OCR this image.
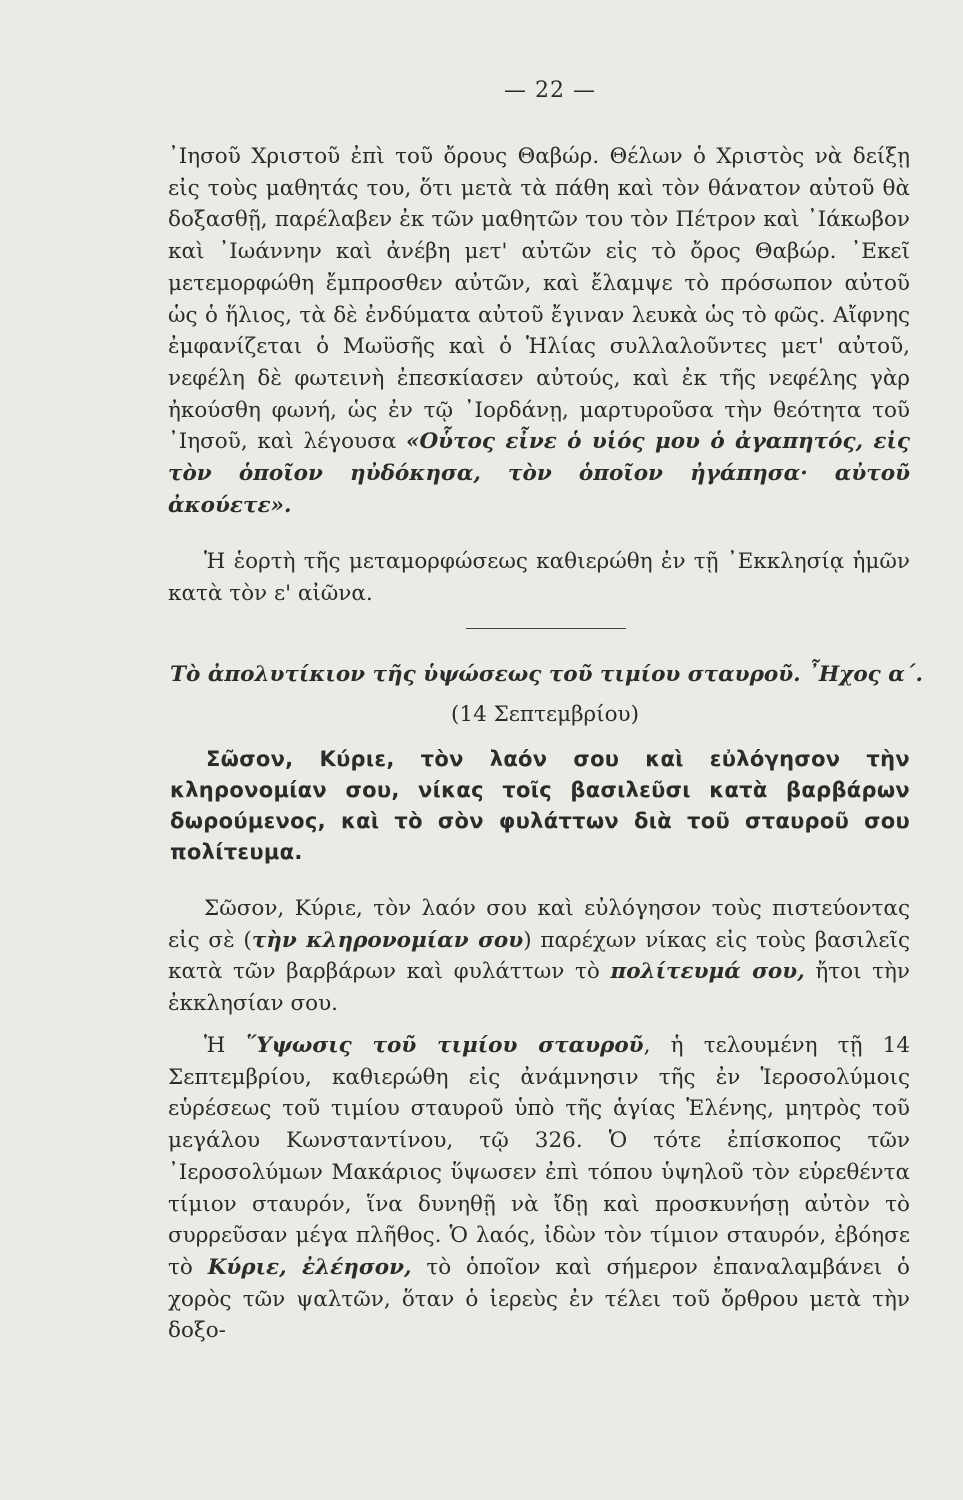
— 22 —

᾿Ιησοῦ Χριστοῦ ἐπὶ τοῦ ὄρους Θαβώρ. Θέλων ὁ Χριστὸς νὰ δείξῃ εἰς τοὺς μαθητάς του, ὅτι μετὰ τὰ πάθη καὶ τὸν θάνατον αὐτοῦ θὰ δοξασθῇ, παρέλαβεν ἐκ τῶν μαθητῶν του τὸν Πέτρον καὶ ᾿Ιάκωβον καὶ ᾿Ιωάννην καὶ ἀνέβη μετ' αὐτῶν εἰς τὸ ὄρος Θαβώρ. ᾿Εκεῖ μετεμορφώθη ἔμπροσθεν αὐτῶν, καὶ ἔλαμψε τὸ πρόσωπον αὐτοῦ ὡς ὁ ἥλιος, τὰ δὲ ἐνδύματα αὐτοῦ ἔγιναν λευκὰ ὡς τὸ φῶς. Αἴφνης ἐμφανίζεται ὁ Μωϋσῆς καὶ ὁ Ἡλίας συλλαλοῦντες μετ' αὐτοῦ, νεφέλη δὲ φωτεινὴ ἐπεσκίασεν αὐτούς, καὶ ἐκ τῆς νεφέλης γὰρ ἠκούσθη φωνή, ὡς ἐν τῷ ᾿Ιορδάνῃ, μαρτυροῦσα τὴν θεότητα τοῦ ᾿Ιησοῦ, καὶ λέγουσα «Οὗτος εἶνε ὁ υἱός μου ὁ ἀγαπητός, εἰς τὸν ὁποῖον ηὐδόκησα, τὸν ὁποῖον ἠγάπησα· αὐτοῦ ἀκούετε».

Ἡ ἑορτὴ τῆς μεταμορφώσεως καθιερώθη ἐν τῇ ᾿Εκκλησίᾳ ἡμῶν κατὰ τὸν ε' αἰῶνα.

Τὸ ἀπολυτίκιον τῆς ὑψώσεως τοῦ τιμίου σταυροῦ. ῏Ηχος α΄.

(14 Σεπτεμβρίου)

Σῶσον, Κύριε, τὸν λαόν σου καὶ εὐλόγησον τὴν κληρονομίαν σου, νίκας τοῖς βασιλεῦσι κατὰ βαρβάρων δωρούμενος, καὶ τὸ σὸν φυλάττων διὰ τοῦ σταυροῦ σου πολίτευμα.

Σῶσον, Κύριε, τὸν λαόν σου καὶ εὐλόγησον τοὺς πιστεύοντας εἰς σὲ (τὴν κληρονομίαν σου) παρέχων νίκας εἰς τοὺς βασιλεῖς κατὰ τῶν βαρβάρων καὶ φυλάττων τὸ πολίτευμά σου, ἤτοι τὴν ἐκκλησίαν σου.

Ἡ ῞Υψωσις τοῦ τιμίου σταυροῦ, ἡ τελουμένη τῇ 14 Σεπτεμβρίου, καθιερώθη εἰς ἀνάμνησιν τῆς ἐν Ἱεροσολύμοις εὑρέσεως τοῦ τιμίου σταυροῦ ὑπὸ τῆς ἁγίας Ἑλένης, μητρὸς τοῦ μεγάλου Κωνσταντίνου, τῷ 326. Ὁ τότε ἐπίσκοπος τῶν ᾿Ιεροσολύμων Μακάριος ὕψωσεν ἐπὶ τόπου ὑψηλοῦ τὸν εὑρεθέντα τίμιον σταυρόν, ἵνα δυνηθῇ νὰ ἴδῃ καὶ προσκυνήσῃ αὐτὸν τὸ συρρεῦσαν μέγα πλῆθος. Ὁ λαός, ἰδὼν τὸν τίμιον σταυρόν, ἐβόησε τὸ Κύριε, ἐλέησον, τὸ ὁποῖον καὶ σήμερον ἐπαναλαμβάνει ὁ χορὸς τῶν ψαλτῶν, ὅταν ὁ ἱερεὺς ἐν τέλει τοῦ ὄρθρου μετὰ τὴν δοξο-
